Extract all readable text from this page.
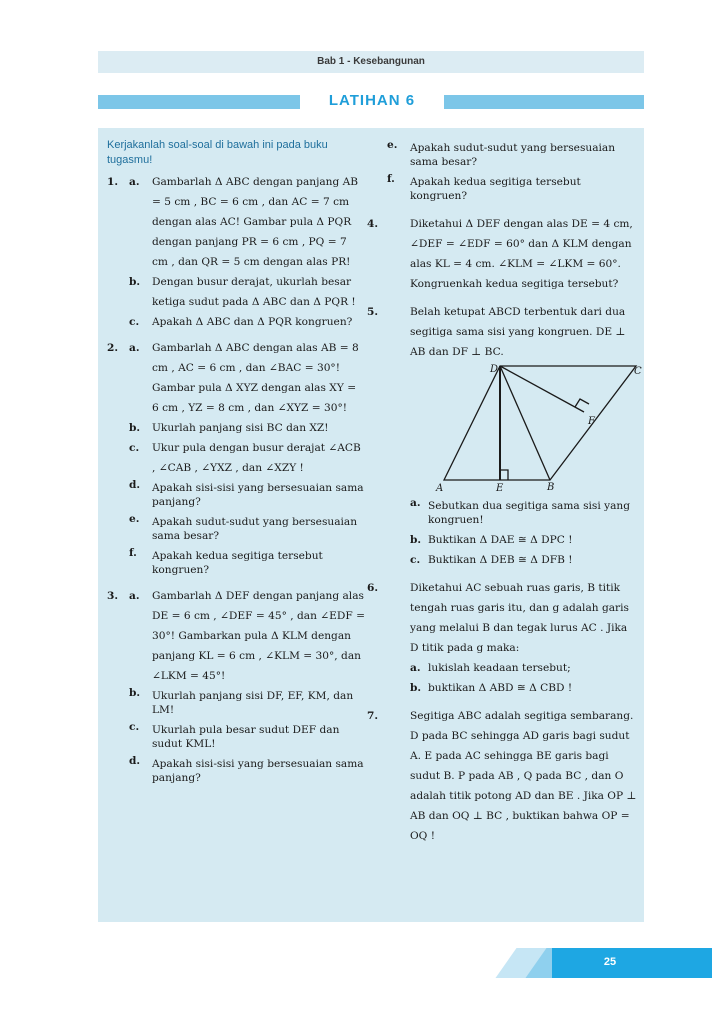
Bab 1 - Kesebangunan
LATIHAN 6
Kerjakanlah soal-soal di bawah ini pada buku tugasmu!
1. a. Gambarlah Δ ABC dengan panjang AB = 5 cm , BC = 6 cm , dan AC = 7 cm dengan alas AC! Gambar pula Δ PQR dengan panjang PR = 6 cm , PQ = 7 cm , dan QR = 5 cm dengan alas PR!
b. Dengan busur derajat, ukurlah besar ketiga sudut pada Δ ABC dan Δ PQR !
c. Apakah Δ ABC dan Δ PQR kongruen?
2. a. Gambarlah Δ ABC dengan alas AB = 8 cm , AC = 6 cm , dan ∠BAC = 30°! Gambar pula Δ XYZ dengan alas XY = 6 cm , YZ = 8 cm , dan ∠XYZ = 30°!
b. Ukurlah panjang sisi BC dan XZ!
c. Ukur pula dengan busur derajat ∠ACB , ∠CAB , ∠YXZ , dan ∠XZY !
d. Apakah sisi-sisi yang bersesuaian sama panjang?
e. Apakah sudut-sudut yang bersesuaian sama besar?
f. Apakah kedua segitiga tersebut kongruen?
3. a. Gambarlah Δ DEF dengan panjang alas DE = 6 cm , ∠DEF = 45° , dan ∠EDF = 30°! Gambarkan pula Δ KLM dengan panjang KL = 6 cm , ∠KLM = 30°, dan ∠LKM = 45°!
b. Ukurlah panjang sisi DF, EF, KM, dan LM!
c. Ukurlah pula besar sudut DEF dan sudut KML!
d. Apakah sisi-sisi yang bersesuaian sama panjang?
e. Apakah sudut-sudut yang bersesuaian sama besar?
f. Apakah kedua segitiga tersebut kongruen?
4.	Diketahui Δ DEF dengan alas DE = 4 cm, ∠DEF = ∠EDF = 60° dan Δ KLM dengan alas KL = 4 cm. ∠KLM = ∠LKM = 60°. Kongruenkah kedua segitiga tersebut?
5.	Belah ketupat ABCD terbentuk dari dua segitiga sama sisi yang kongruen. DE ⊥ AB dan DF ⊥ BC.
A	E	B
D	C
F
a. Sebutkan dua segitiga sama sisi yang kongruen!
b. Buktikan Δ DAE ≅ Δ DPC !
c. Buktikan Δ DEB ≅ Δ DFB !
6.	Diketahui AC sebuah ruas garis, B titik tengah ruas garis itu, dan g adalah garis yang melalui B dan tegak lurus AC . Jika D titik pada g maka:
a. lukislah keadaan tersebut;
b. buktikan Δ ABD ≅ Δ CBD !
7.	Segitiga ABC adalah segitiga sembarang. D pada BC sehingga AD garis bagi sudut A. E pada AC sehingga BE garis bagi sudut B. P pada AB , Q pada BC , dan O adalah titik potong AD dan BE . Jika OP ⊥ AB dan OQ ⊥ BC , buktikan bahwa OP = OQ !
25
